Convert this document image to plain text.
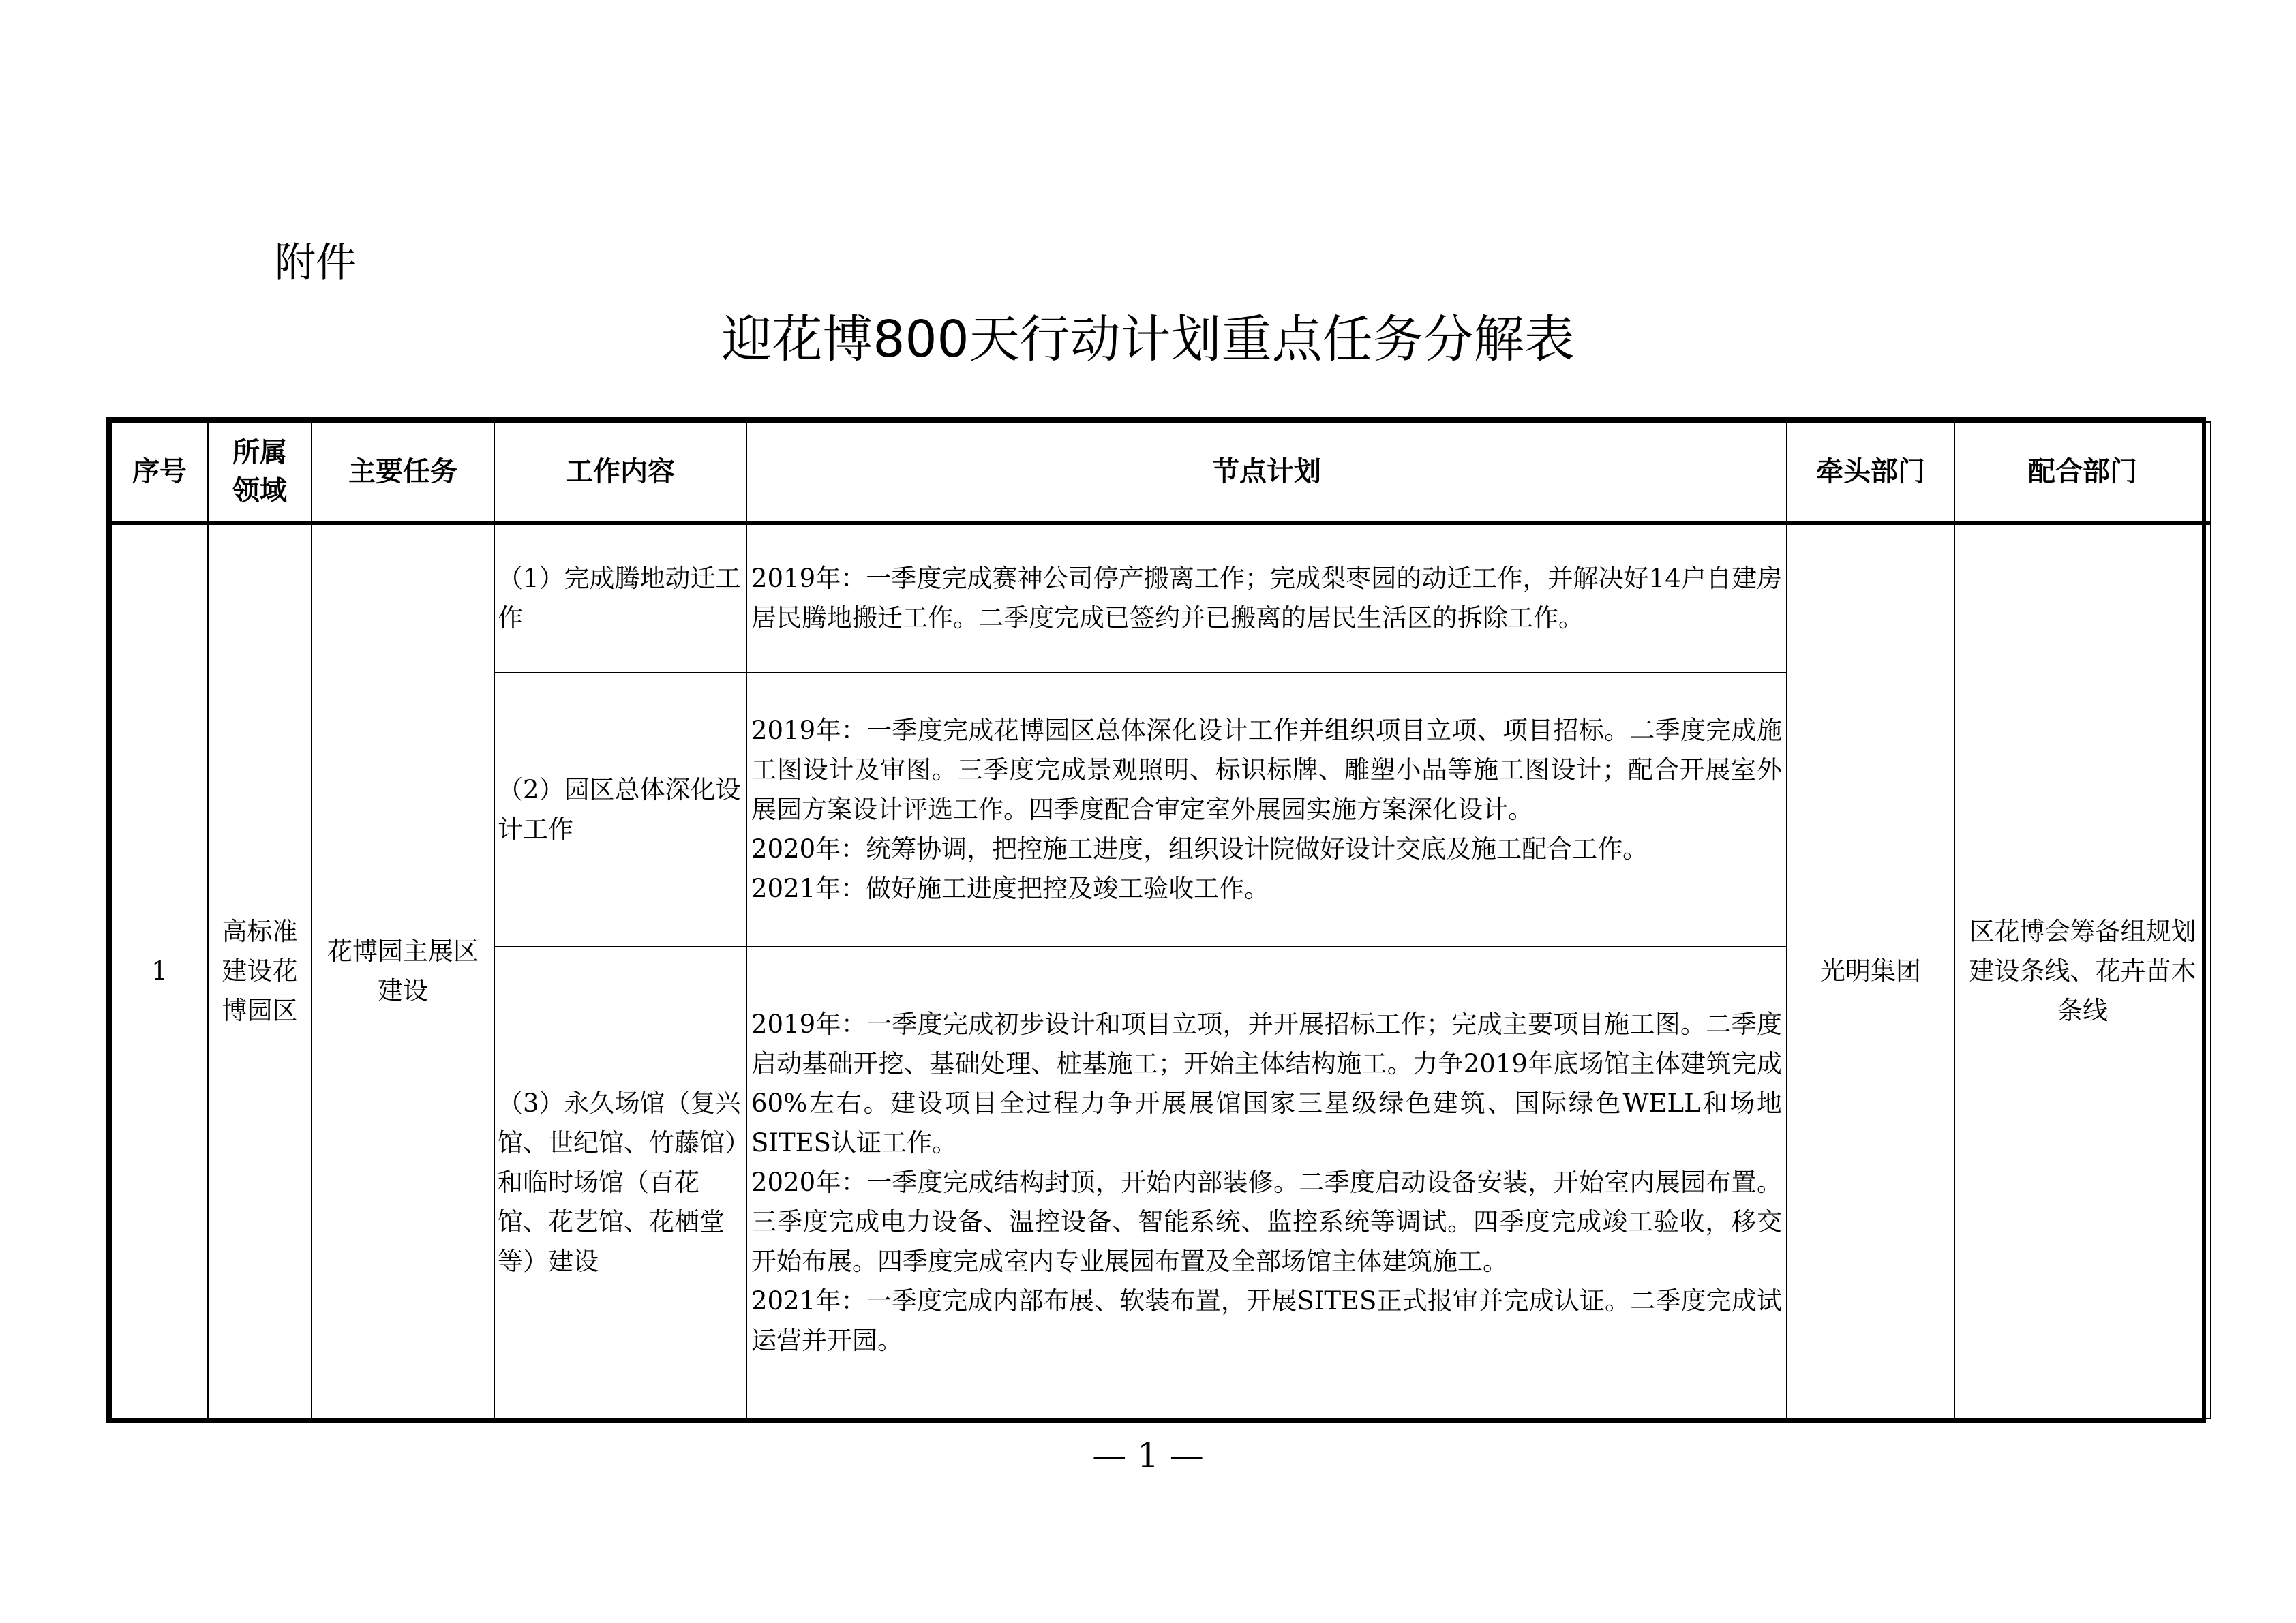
附件
迎花博800天行动计划重点任务分解表
序号	所属领域	主要任务	工作内容	节点计划	牵头部门	配合部门
1	高标准建设花博园区	花博园主展区建设	（1）完成腾地动迁工作	2019年：一季度完成赛神公司停产搬离工作；完成梨枣园的动迁工作，并解决好14户自建房居民腾地搬迁工作。二季度完成已签约并已搬离的居民生活区的拆除工作。	光明集团	区花博会筹备组规划建设条线、花卉苗木条线
			（2）园区总体深化设计工作	2019年：一季度完成花博园区总体深化设计工作并组织项目立项、项目招标。二季度完成施工图设计及审图。三季度完成景观照明、标识标牌、雕塑小品等施工图设计；配合开展室外展园方案设计评选工作。四季度配合审定室外展园实施方案深化设计。
2020年：统筹协调，把控施工进度，组织设计院做好设计交底及施工配合工作。
2021年：做好施工进度把控及竣工验收工作。		

			（3）永久场馆（复兴馆、世纪馆、竹藤馆）和临时场馆（百花馆、花艺馆、花栖堂等）建设	2019年：一季度完成初步设计和项目立项，并开展招标工作；完成主要项目施工图。二季度启动基础开挖、基础处理、桩基施工；开始主体结构施工。力争2019年底场馆主体建筑完成60%左右。建设项目全过程力争开展展馆国家三星级绿色建筑、国际绿色WELL和场地SITES认证工作。
2020年：一季度完成结构封顶，开始内部装修。二季度启动设备安装，开始室内展园布置。三季度完成电力设备、温控设备、智能系统、监控系统等调试。四季度完成竣工验收，移交开始布展。四季度完成室内专业展园布置及全部场馆主体建筑施工。
2021年：一季度完成内部布展、软装布置，开展SITES正式报审并完成认证。二季度完成试运营并开园。		
— 1 —
